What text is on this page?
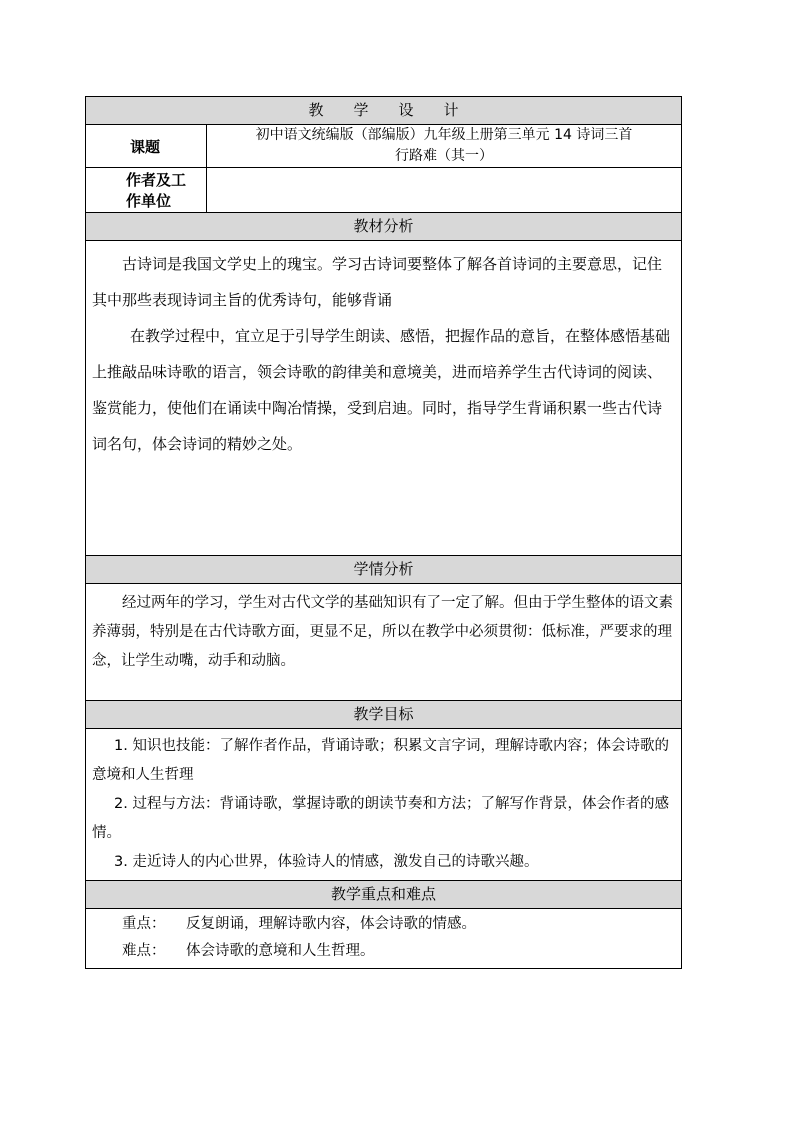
教　　学　　设　　计	
课题	初中语文统编版（部编版）九年级上册第三单元 14 诗词三首
行路难（其一）

作者及工
作单位	

教材分析	

古诗词是我国文学史上的瑰宝。学习古诗词要整体了解各首诗词的主要意思，记住其中那些表现诗词主旨的优秀诗句，能够背诵

在教学过程中，宜立足于引导学生朗读、感悟，把握作品的意旨，在整体感悟基础上推敲品味诗歌的语言，领会诗歌的韵律美和意境美，进而培养学生古代诗词的阅读、鉴赏能力，使他们在诵读中陶冶情操，受到启迪。同时，指导学生背诵积累一些古代诗词名句，体会诗词的精妙之处。	

学情分析	

经过两年的学习，学生对古代文学的基础知识有了一定了解。但由于学生整体的语文素养薄弱，特别是在古代诗歌方面，更显不足，所以在教学中必须贯彻：低标准，严要求的理念，让学生动嘴，动手和动脑。	

教学目标	

1. 知识也技能：了解作者作品，背诵诗歌；积累文言字词，理解诗歌内容；体会诗歌的意境和人生哲理

2. 过程与方法：背诵诗歌，掌握诗歌的朗读节奏和方法；了解写作背景，体会作者的感情。

3. 走近诗人的内心世界，体验诗人的情感，激发自己的诗歌兴趣。	

教学重点和难点	

重点： 反复朗诵，理解诗歌内容，体会诗歌的情感。

难点： 体会诗歌的意境和人生哲理。	
